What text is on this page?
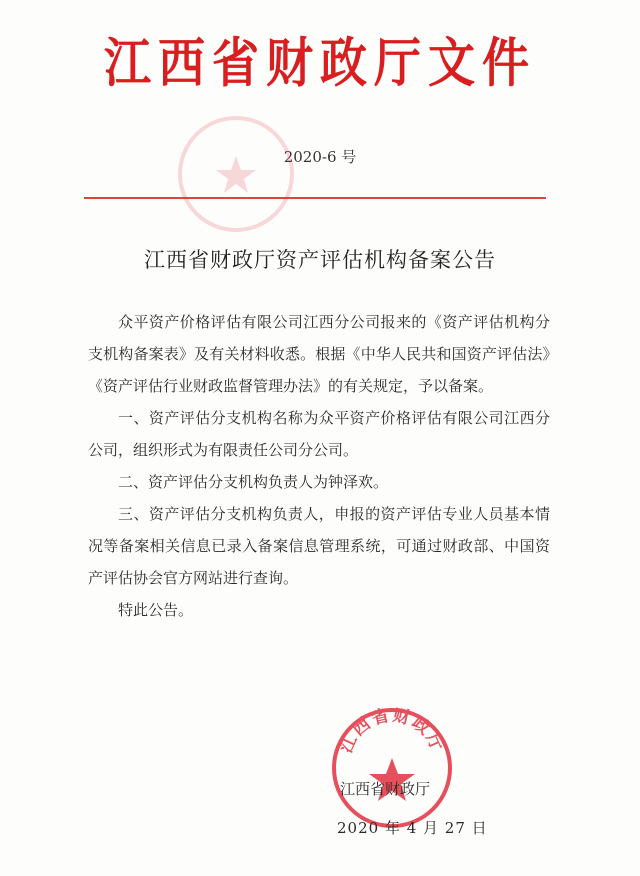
江西省财政厅文件
2020-6 号
江西省财政厅资产评估机构备案公告

众平资产价格评估有限公司江西分公司报来的《资产评估机构分支机构备案表》及有关材料收悉。根据《中华人民共和国资产评估法》《资产评估行业财政监督管理办法》的有关规定，予以备案。

一、资产评估分支机构名称为众平资产价格评估有限公司江西分公司，组织形式为有限责任公司分公司。

二、资产评估分支机构负责人为钟泽欢。

三、资产评估分支机构负责人，申报的资产评估专业人员基本情况等备案相关信息已录入备案信息管理系统，可通过财政部、中国资产评估协会官方网站进行查询。

特此公告。

江西省财政厅
江西省财政厅
2020 年 4 月 27 日
